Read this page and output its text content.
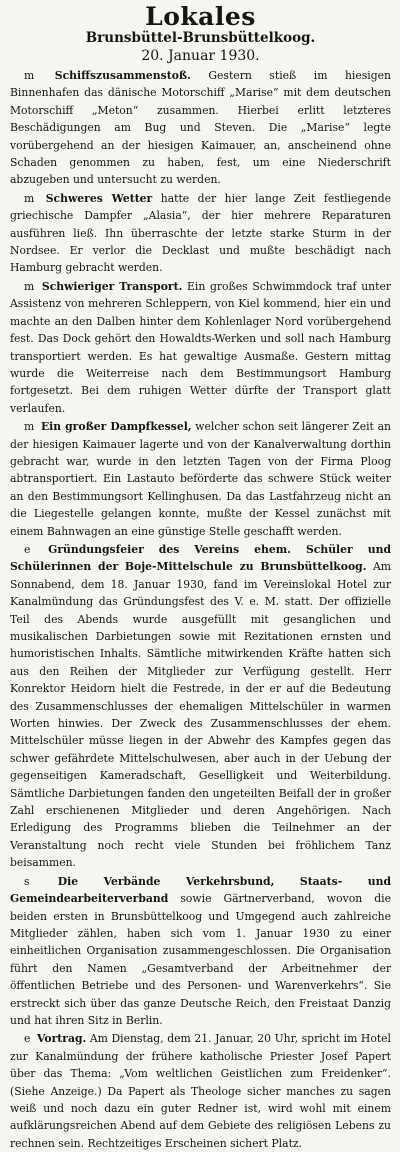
Lokales
Brunsbüttel-Brunsbüttelkoog.
20. Januar 1930.

m Schiffszusammenstoß. Gestern stieß im hiesigen Binnenhafen das dänische Motorschiff „Marise“ mit dem deutschen Motorschiff „Meton“ zusammen. Hierbei erlitt letzteres Beschädigungen am Bug und Steven. Die „Marise“ legte vorübergehend an der hiesigen Kaimauer, an, anscheinend ohne Schaden genommen zu haben, fest, um eine Niederschrift abzugeben und untersucht zu werden.

m Schweres Wetter hatte der hier lange Zeit festliegende griechische Dampfer „Alasia“, der hier mehrere Reparaturen ausführen ließ. Ihn überraschte der letzte starke Sturm in der Nordsee. Er verlor die Decklast und mußte beschädigt nach Hamburg gebracht werden.

m Schwieriger Transport. Ein großes Schwimmdock traf unter Assistenz von mehreren Schleppern, von Kiel kommend, hier ein und machte an den Dalben hinter dem Kohlenlager Nord vorübergehend fest. Das Dock gehört den Howaldts-Werken und soll nach Hamburg transportiert werden. Es hat gewaltige Ausmaße. Gestern mittag wurde die Weiterreise nach dem Bestimmungsort Hamburg fortgesetzt. Bei dem ruhigen Wetter dürfte der Transport glatt verlaufen.

m Ein großer Dampfkessel, welcher schon seit längerer Zeit an der hiesigen Kaimauer lagerte und von der Kanalverwaltung dorthin gebracht war, wurde in den letzten Tagen von der Firma Ploog abtransportiert. Ein Lastauto beförderte das schwere Stück weiter an den Bestimmungsort Kellinghusen. Da das Lastfahrzeug nicht an die Liegestelle gelangen konnte, mußte der Kessel zunächst mit einem Bahnwagen an eine günstige Stelle geschafft werden.

e Gründungsfeier des Vereins ehem. Schüler und Schülerinnen der Boje-Mittelschule zu Brunsbüttelkoog. Am Sonnabend, dem 18. Januar 1930, fand im Vereinslokal Hotel zur Kanalmündung das Gründungsfest des V. e. M. statt. Der offizielle Teil des Abends wurde ausgefüllt mit gesanglichen und musikalischen Darbietungen sowie mit Rezitationen ernsten und humoristischen Inhalts. Sämtliche mitwirkenden Kräfte hatten sich aus den Reihen der Mitglieder zur Verfügung gestellt. Herr Konrektor Heidorn hielt die Festrede, in der er auf die Bedeutung des Zusammenschlusses der ehemaligen Mittelschüler in warmen Worten hinwies. Der Zweck des Zusammenschlusses der ehem. Mittelschüler müsse liegen in der Abwehr des Kampfes gegen das schwer gefährdete Mittelschulwesen, aber auch in der Uebung der gegenseitigen Kameradschaft, Geselligkeit und Weiterbildung. Sämtliche Darbietungen fanden den ungeteilten Beifall der in großer Zahl erschienenen Mitglieder und deren Angehörigen. Nach Erledigung des Programms blieben die Teilnehmer an der Veranstaltung noch recht viele Stunden bei fröhlichem Tanz beisammen.

s	Die Verbände Verkehrsbund, Staats- und Gemeindearbeiterverband sowie Gärtnerverband, wovon die beiden ersten in Brunsbüttelkoog und Umgegend auch zahlreiche Mitglieder zählen, haben sich vom 1. Januar 1930 zu einer einheitlichen Organisation zusammengeschlossen. Die Organisation führt den Namen „Gesamtverband der Arbeitnehmer der öffentlichen Betriebe und des Personen- und Warenverkehrs“. Sie erstreckt sich über das ganze Deutsche Reich, den Freistaat Danzig und hat ihren Sitz in Berlin.

e Vortrag. Am Dienstag, dem 21. Januar, 20 Uhr, spricht im Hotel zur Kanalmündung der frühere katholische Priester Josef Papert über das Thema: „Vom weltlichen Geistlichen zum Freidenker“. (Siehe Anzeige.) Da Papert als Theologe sicher manches zu sagen weiß und noch dazu ein guter Redner ist, wird wohl mit einem aufklärungsreichen Abend auf dem Gebiete des religiösen Lebens zu rechnen sein. Rechtzeitiges Erscheinen sichert Platz.
